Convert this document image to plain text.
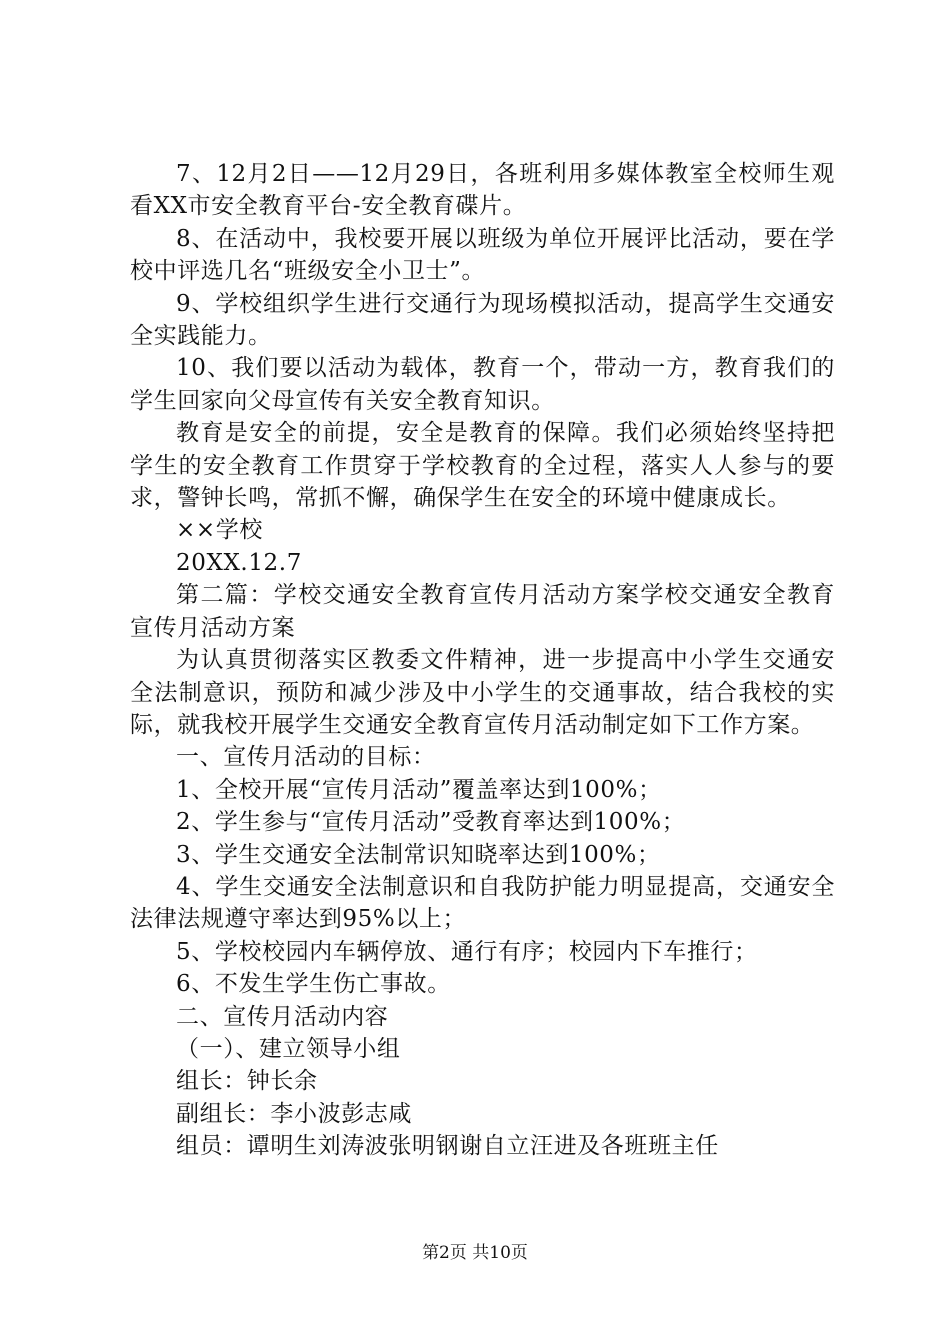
7、12月2日——12月29日，各班利用多媒体教室全校师生观看XX市安全教育平台-安全教育碟片。

8、在活动中，我校要开展以班级为单位开展评比活动，要在学校中评选几名“班级安全小卫士”。

9、学校组织学生进行交通行为现场模拟活动，提高学生交通安全实践能力。

10、我们要以活动为载体，教育一个，带动一方，教育我们的学生回家向父母宣传有关安全教育知识。

教育是安全的前提，安全是教育的保障。我们必须始终坚持把学生的安全教育工作贯穿于学校教育的全过程，落实人人参与的要求，警钟长鸣，常抓不懈，确保学生在安全的环境中健康成长。

××学校

20XX.12.7

第二篇：学校交通安全教育宣传月活动方案学校交通安全教育宣传月活动方案

为认真贯彻落实区教委文件精神，进一步提高中小学生交通安全法制意识，预防和减少涉及中小学生的交通事故，结合我校的实际，就我校开展学生交通安全教育宣传月活动制定如下工作方案。

一、宣传月活动的目标：

1、全校开展“宣传月活动”覆盖率达到100%；

2、学生参与“宣传月活动”受教育率达到100%；

3、学生交通安全法制常识知晓率达到100%；

4、学生交通安全法制意识和自我防护能力明显提高，交通安全法律法规遵守率达到95%以上；

5、学校校园内车辆停放、通行有序；校园内下车推行；

6、不发生学生伤亡事故。

二、宣传月活动内容

（一）、建立领导小组

组长：钟长余

副组长：李小波彭志咸

组员：谭明生刘涛波张明钢谢自立汪进及各班班主任

第2页 共10页
